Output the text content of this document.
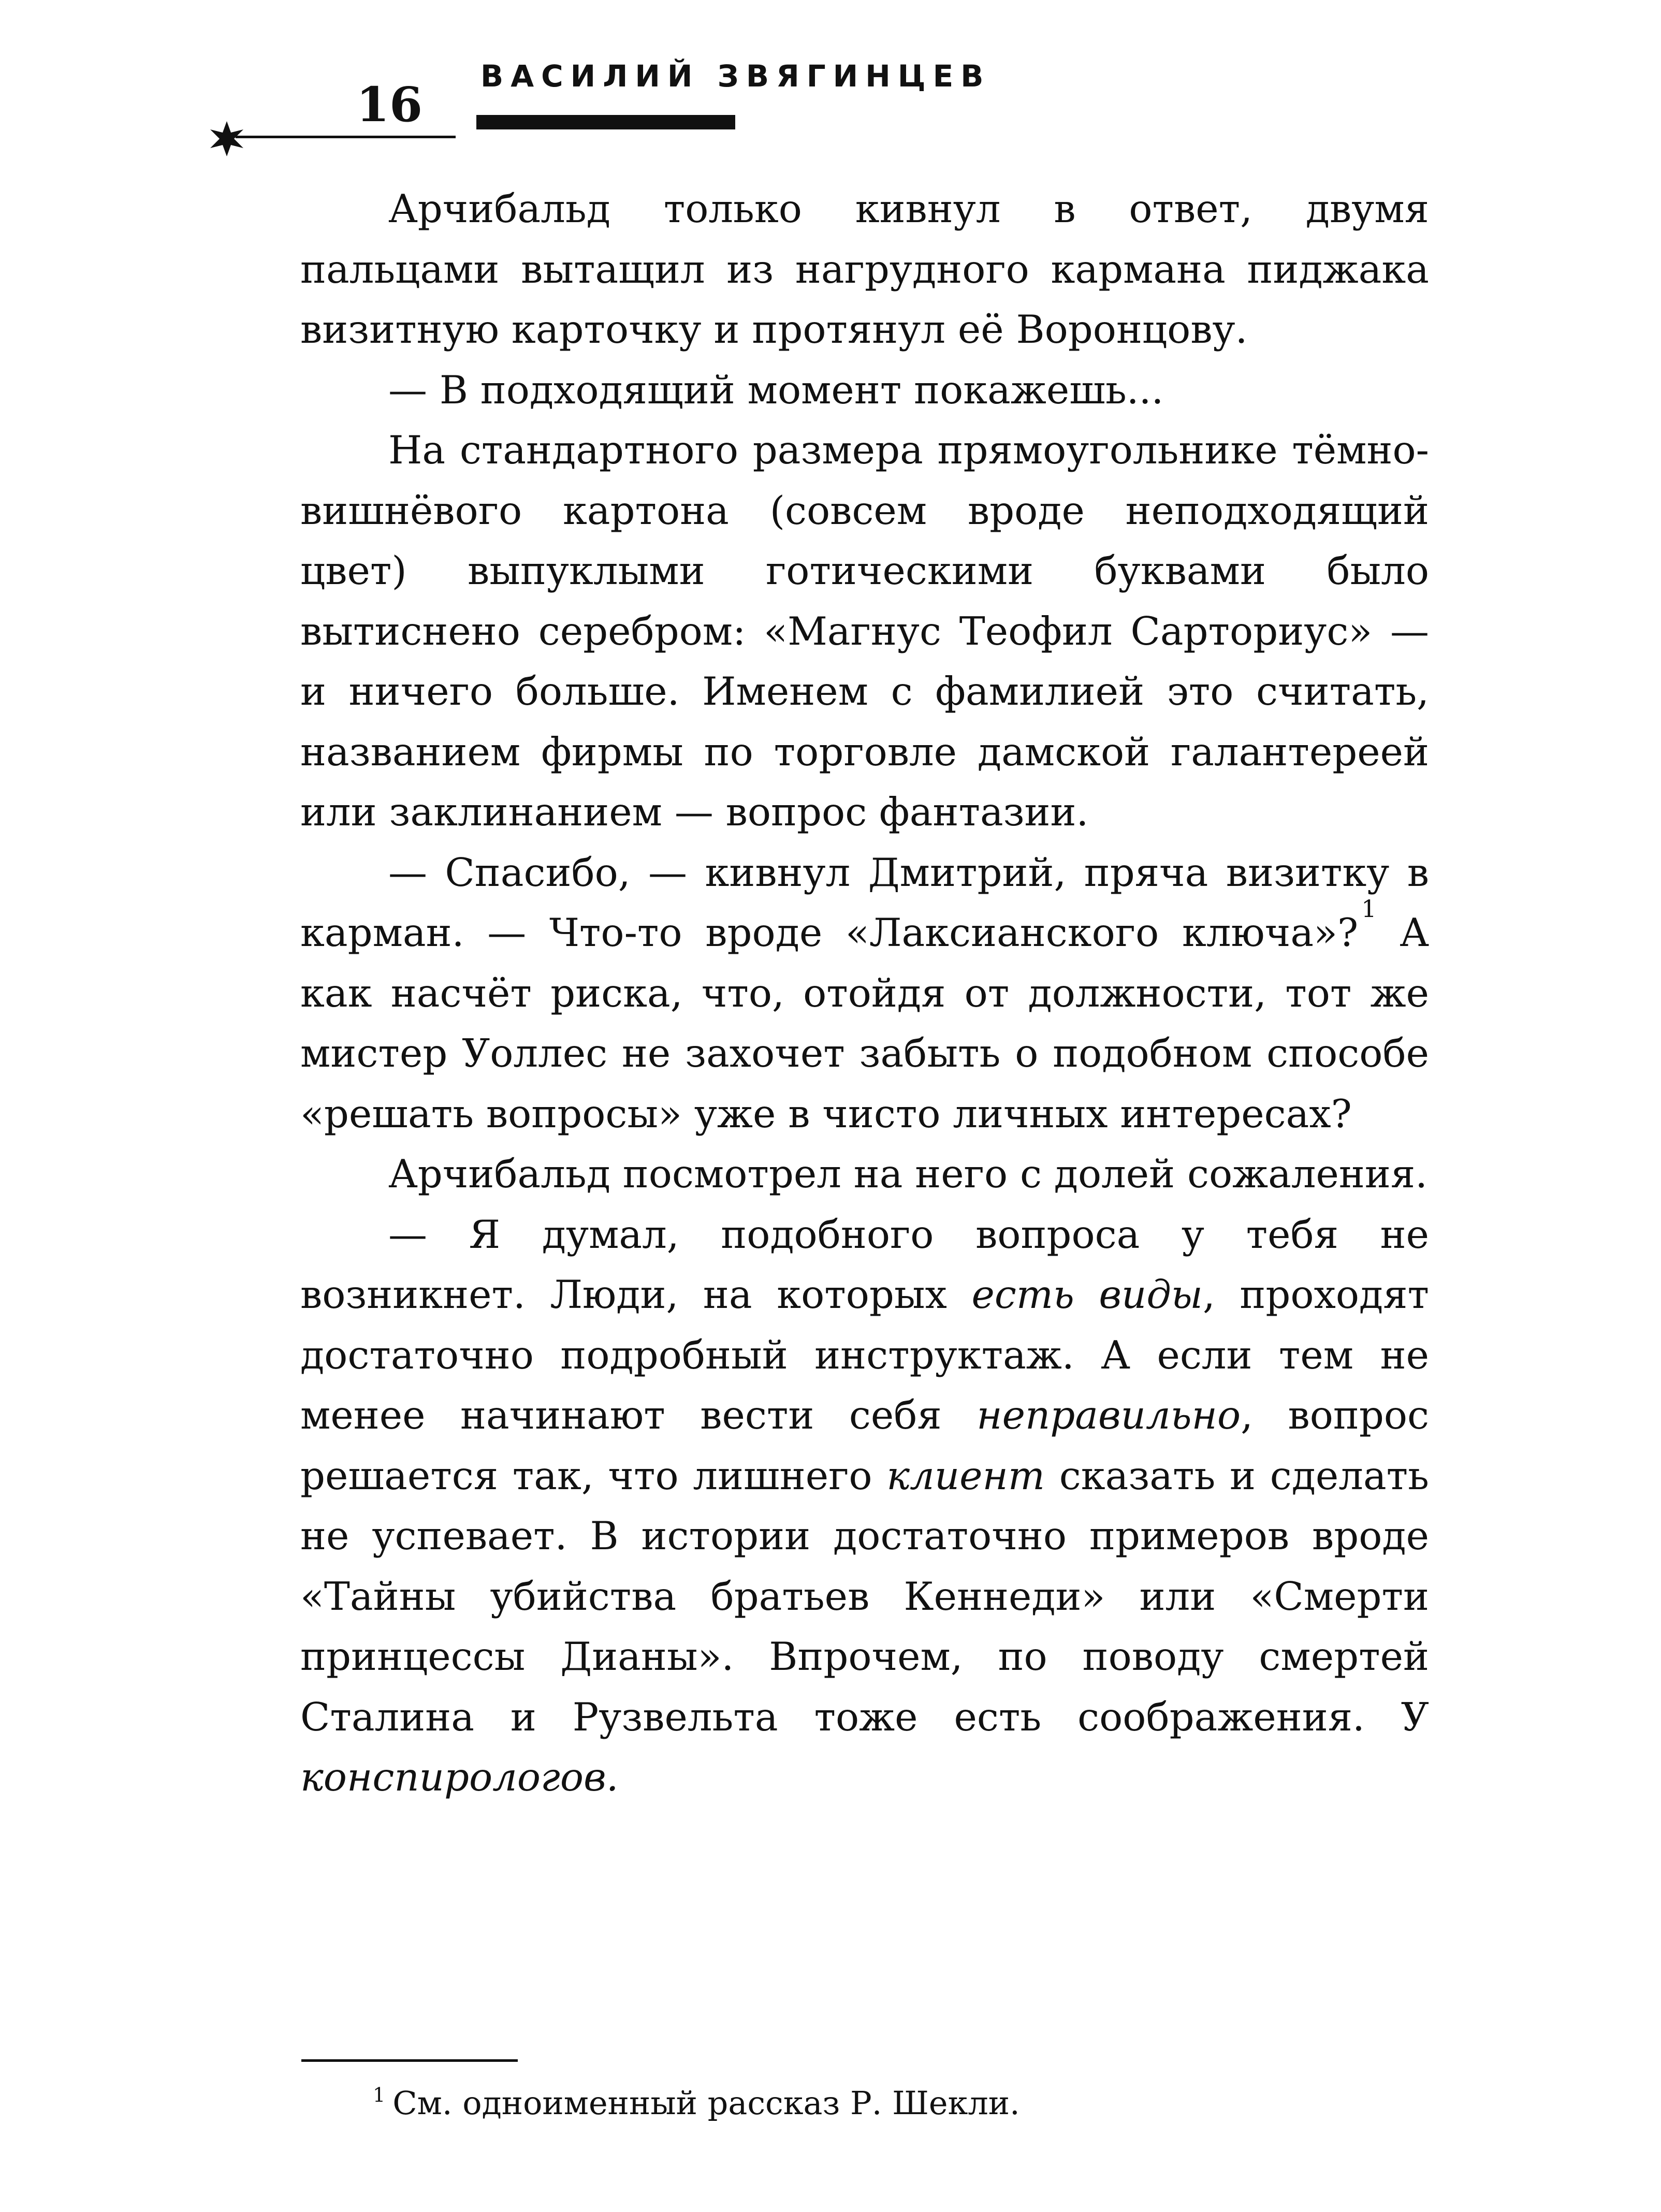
ВАСИЛИЙ ЗВЯГИНЦЕВ
16

Арчибальд только кивнул в ответ, двумя пальцами вытащил из нагрудного кармана пиджака визитную карточку и протянул её Воронцову.

— В подходящий момент покажешь...

На стандартного размера прямоугольнике тёмно-вишнёвого картона (совсем вроде неподходящий цвет) выпуклыми готическими буквами было вытиснено серебром: «Магнус Теофил Сарториус» — и ничего больше. Именем с фамилией это считать, названием фирмы по торговле дамской галантереей или заклинанием — вопрос фантазии.

— Спасибо, — кивнул Дмитрий, пряча визитку в карман. — Что-то вроде «Лаксианского ключа»?$^1$ А как насчёт риска, что, отойдя от должности, тот же мистер Уоллес не захочет забыть о подобном способе «решать вопросы» уже в чисто личных интересах?

Арчибальд посмотрел на него с долей сожаления.

— Я думал, подобного вопроса у тебя не возникнет. Люди, на которых есть виды, проходят достаточно подробный инструктаж. А если тем не менее начинают вести себя неправильно, вопрос решается так, что лишнего клиент сказать и сделать не успевает. В истории достаточно примеров вроде «Тайны убийства братьев Кеннеди» или «Смерти принцессы Дианы». Впрочем, по поводу смертей Сталина и Рузвельта тоже есть соображения. У конспирологов.

$^1$ См. одноименный рассказ Р. Шекли.
